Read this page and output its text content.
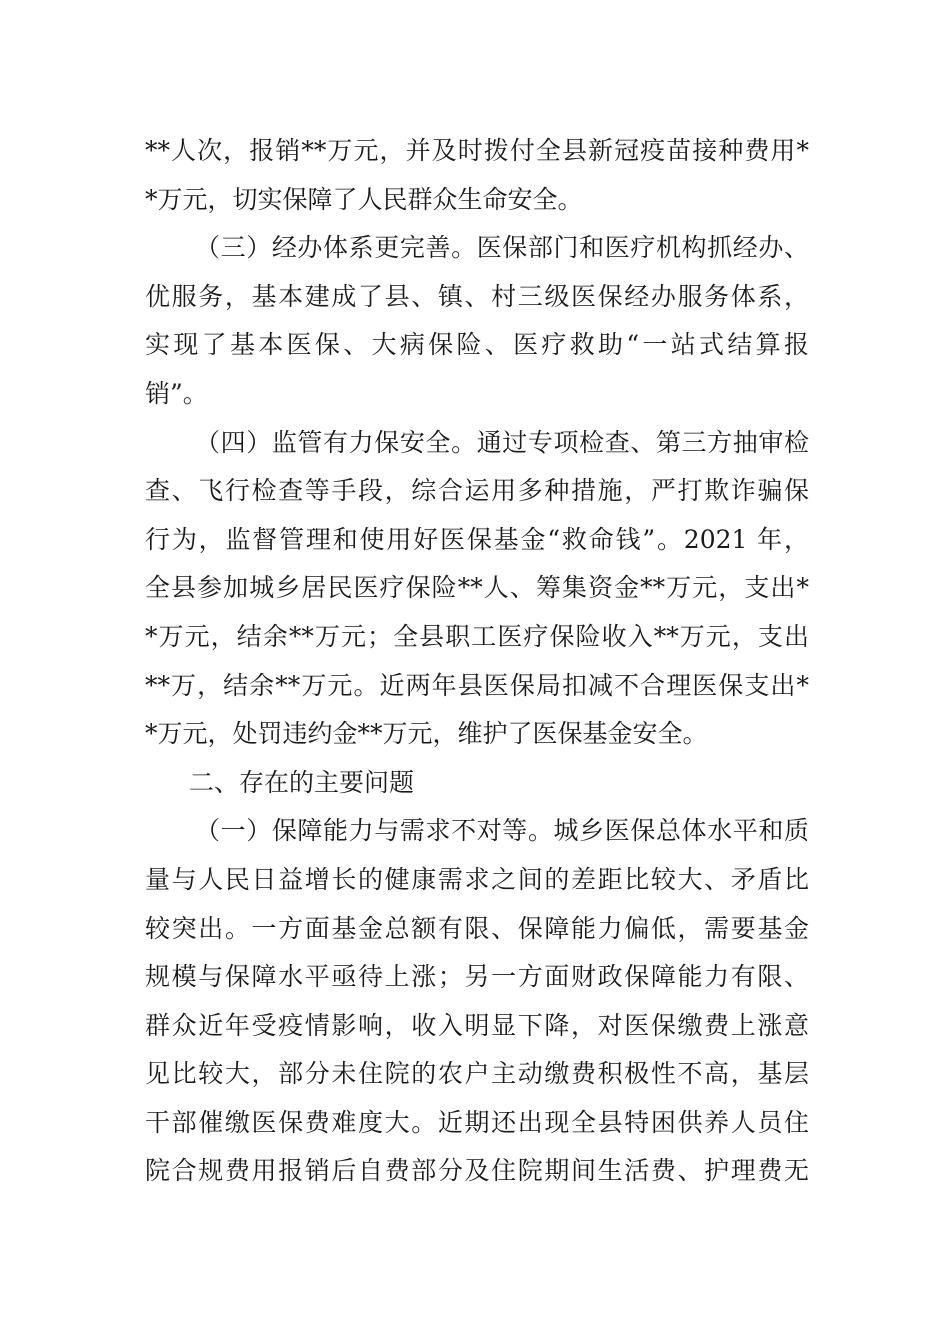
**人次，报销**万元，并及时拨付全县新冠疫苗接种费用*
*万元，切实保障了人民群众生命安全。
（三）经办体系更完善。医保部门和医疗机构抓经办、
优服务，基本建成了县、镇、村三级医保经办服务体系，
实现了基本医保、大病保险、医疗救助“一站式结算报
销”。
（四）监管有力保安全。通过专项检查、第三方抽审检
查、飞行检查等手段，综合运用多种措施，严打欺诈骗保
行为，监督管理和使用好医保基金“救命钱”。2021 年，
全县参加城乡居民医疗保险**人、筹集资金**万元，支出*
*万元，结余**万元；全县职工医疗保险收入**万元，支出
**万，结余**万元。近两年县医保局扣减不合理医保支出*
*万元，处罚违约金**万元，维护了医保基金安全。
二、存在的主要问题
（一）保障能力与需求不对等。城乡医保总体水平和质
量与人民日益增长的健康需求之间的差距比较大、矛盾比
较突出。一方面基金总额有限、保障能力偏低，需要基金
规模与保障水平亟待上涨；另一方面财政保障能力有限、
群众近年受疫情影响，收入明显下降，对医保缴费上涨意
见比较大，部分未住院的农户主动缴费积极性不高，基层
干部催缴医保费难度大。近期还出现全县特困供养人员住
院合规费用报销后自费部分及住院期间生活费、护理费无
